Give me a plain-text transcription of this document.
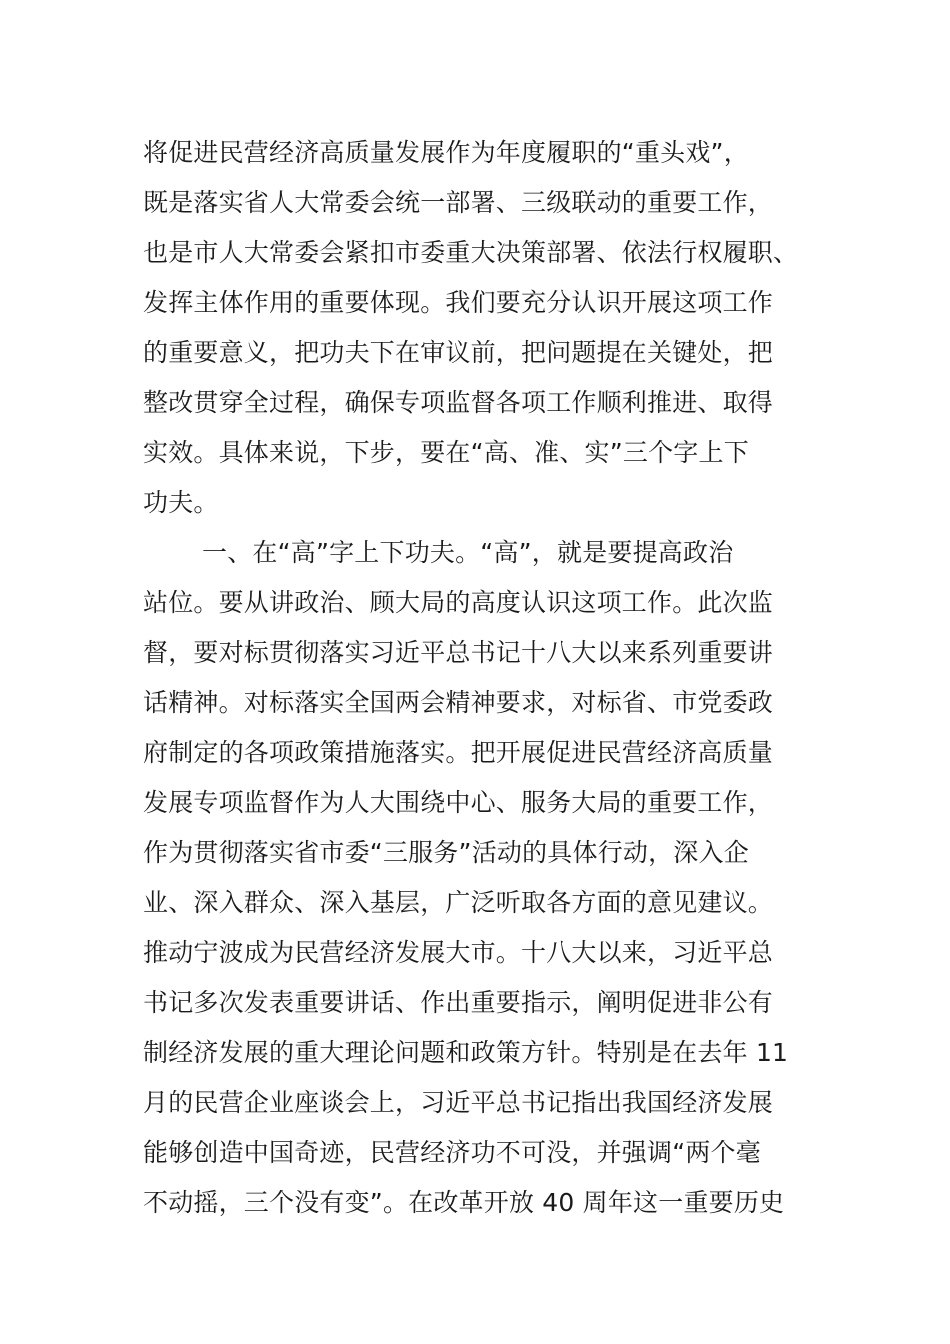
将促进民营经济高质量发展作为年度履职的“重头戏”，
既是落实省人大常委会统一部署、三级联动的重要工作，
也是市人大常委会紧扣市委重大决策部署、依法行权履职、
发挥主体作用的重要体现。我们要充分认识开展这项工作
的重要意义，把功夫下在审议前，把问题提在关键处，把
整改贯穿全过程，确保专项监督各项工作顺利推进、取得
实效。具体来说，下步，要在“高、准、实”三个字上下
功夫。
一、在“高”字上下功夫。“高”，就是要提高政治
站位。要从讲政治、顾大局的高度认识这项工作。此次监
督，要对标贯彻落实习近平总书记十八大以来系列重要讲
话精神。对标落实全国两会精神要求，对标省、市党委政
府制定的各项政策措施落实。把开展促进民营经济高质量
发展专项监督作为人大围绕中心、服务大局的重要工作，
作为贯彻落实省市委“三服务”活动的具体行动，深入企
业、深入群众、深入基层，广泛听取各方面的意见建议。
推动宁波成为民营经济发展大市。十八大以来，习近平总
书记多次发表重要讲话、作出重要指示，阐明促进非公有
制经济发展的重大理论问题和政策方针。特别是在去年 11
月的民营企业座谈会上，习近平总书记指出我国经济发展
能够创造中国奇迹，民营经济功不可没，并强调“两个毫
不动摇，三个没有变”。在改革开放 40 周年这一重要历史
